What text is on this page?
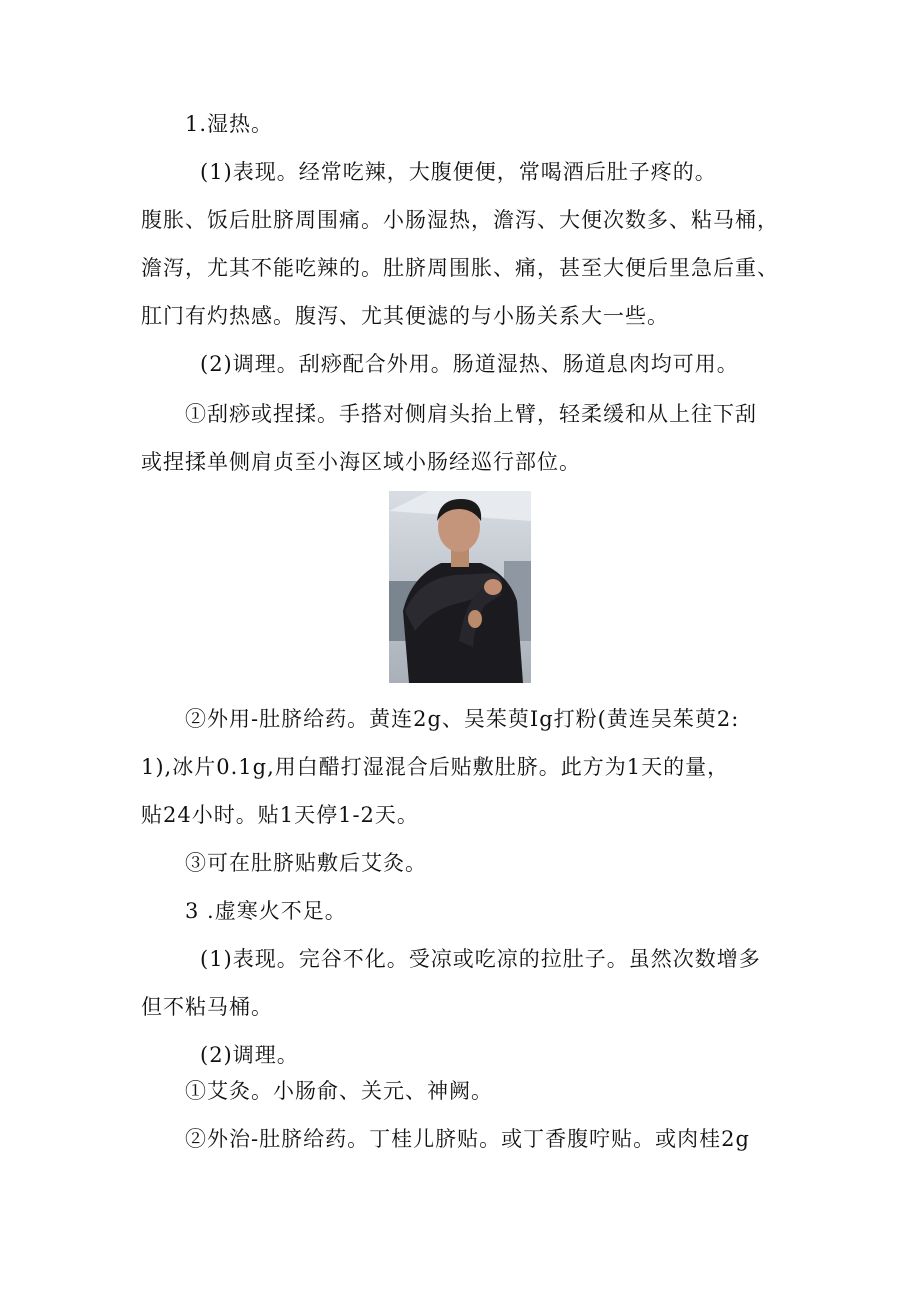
1.湿热。
(1)表现。经常吃辣，大腹便便，常喝酒后肚子疼的。
腹胀、饭后肚脐周围痛。小肠湿热，澹泻、大便次数多、粘马桶，
澹泻，尤其不能吃辣的。肚脐周围胀、痛，甚至大便后里急后重、
肛门有灼热感。腹泻、尤其便滤的与小肠关系大一些。
(2)调理。刮痧配合外用。肠道湿热、肠道息肉均可用。
①刮痧或捏揉。手搭对侧肩头抬上臂，轻柔缓和从上往下刮
或捏揉单侧肩贞至小海区域小肠经巡行部位。
②外用-肚脐给药。黄连2g、吴茱萸Ig打粉(黄连吴茱萸2:
1),冰片0.1g,用白醋打湿混合后贴敷肚脐。此方为1天的量，
贴24小时。贴1天停1-2天。
③可在肚脐贴敷后艾灸。
3 .虚寒火不足。
(1)表现。完谷不化。受凉或吃凉的拉肚子。虽然次数增多
但不粘马桶。
(2)调理。
①艾灸。小肠俞、关元、神阙。
②外治-肚脐给药。丁桂儿脐贴。或丁香腹咛贴。或肉桂2g
